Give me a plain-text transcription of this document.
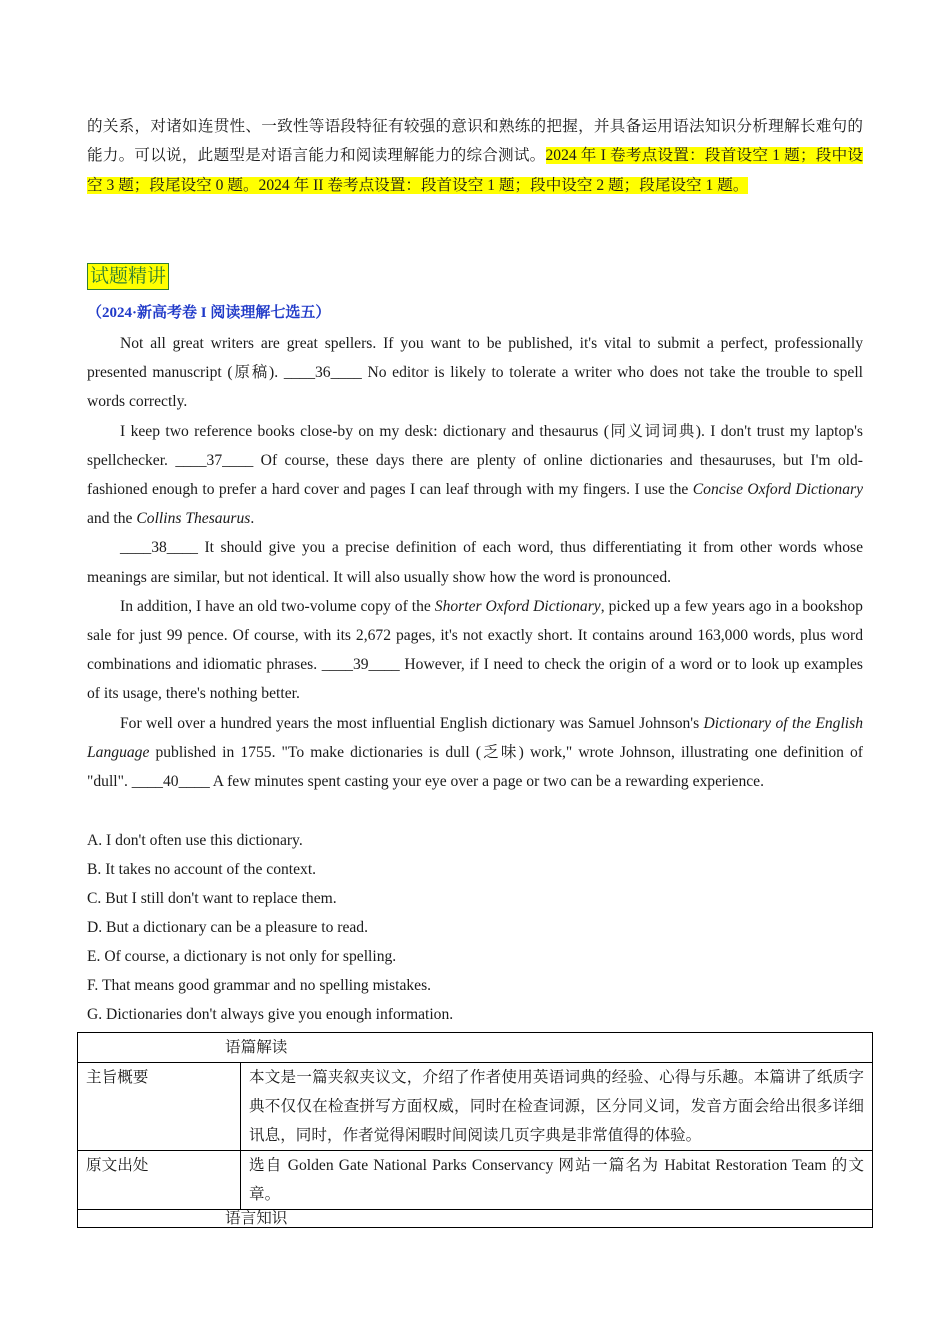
的关系，对诸如连贯性、一致性等语段特征有较强的意识和熟练的把握，并具备运用语法知识分析理解长难句的能力。可以说，此题型是对语言能力和阅读理解能力的综合测试。2024 年 I 卷考点设置：段首设空 1 题；段中设空 3 题；段尾设空 0 题。2024 年 II 卷考点设置：段首设空 1 题；段中设空 2 题；段尾设空 1 题。
试题精讲
（2024·新高考卷 I 阅读理解七选五）

Not all great writers are great spellers. If you want to be published, it's vital to submit a perfect, professionally presented manuscript (原稿). ____36____ No editor is likely to tolerate a writer who does not take the trouble to spell words correctly.

I keep two reference books close-by on my desk: dictionary and thesaurus (同义词词典). I don't trust my laptop's spellchecker. ____37____ Of course, these days there are plenty of online dictionaries and thesauruses, but I'm old-fashioned enough to prefer a hard cover and pages I can leaf through with my fingers. I use the Concise Oxford Dictionary and the Collins Thesaurus.

____38____ It should give you a precise definition of each word, thus differentiating it from other words whose meanings are similar, but not identical. It will also usually show how the word is pronounced.

In addition, I have an old two-volume copy of the Shorter Oxford Dictionary, picked up a few years ago in a bookshop sale for just 99 pence. Of course, with its 2,672 pages, it's not exactly short. It contains around 163,000 words, plus word combinations and idiomatic phrases. ____39____ However, if I need to check the origin of a word or to look up examples of its usage, there's nothing better.

For well over a hundred years the most influential English dictionary was Samuel Johnson's Dictionary of the English Language published in 1755. "To make dictionaries is dull (乏味) work," wrote Johnson, illustrating one definition of "dull". ____40____ A few minutes spent casting your eye over a page or two can be a rewarding experience.

A. I don't often use this dictionary.
B. It takes no account of the context.
C. But I still don't want to replace them.
D. But a dictionary can be a pleasure to read.
E. Of course, a dictionary is not only for spelling.
F. That means good grammar and no spelling mistakes.
G. Dictionaries don't always give you enough information.
语篇解读	
主旨概要	本文是一篇夹叙夹议文，介绍了作者使用英语词典的经验、心得与乐趣。本篇讲了纸质字典不仅仅在检查拼写方面权威，同时在检查词源，区分同义词，发音方面会给出很多详细讯息，同时，作者觉得闲暇时间阅读几页字典是非常值得的体验。
原文出处	选自 Golden Gate National Parks Conservancy 网站一篇名为 Habitat Restoration Team 的文章。
语言知识	
